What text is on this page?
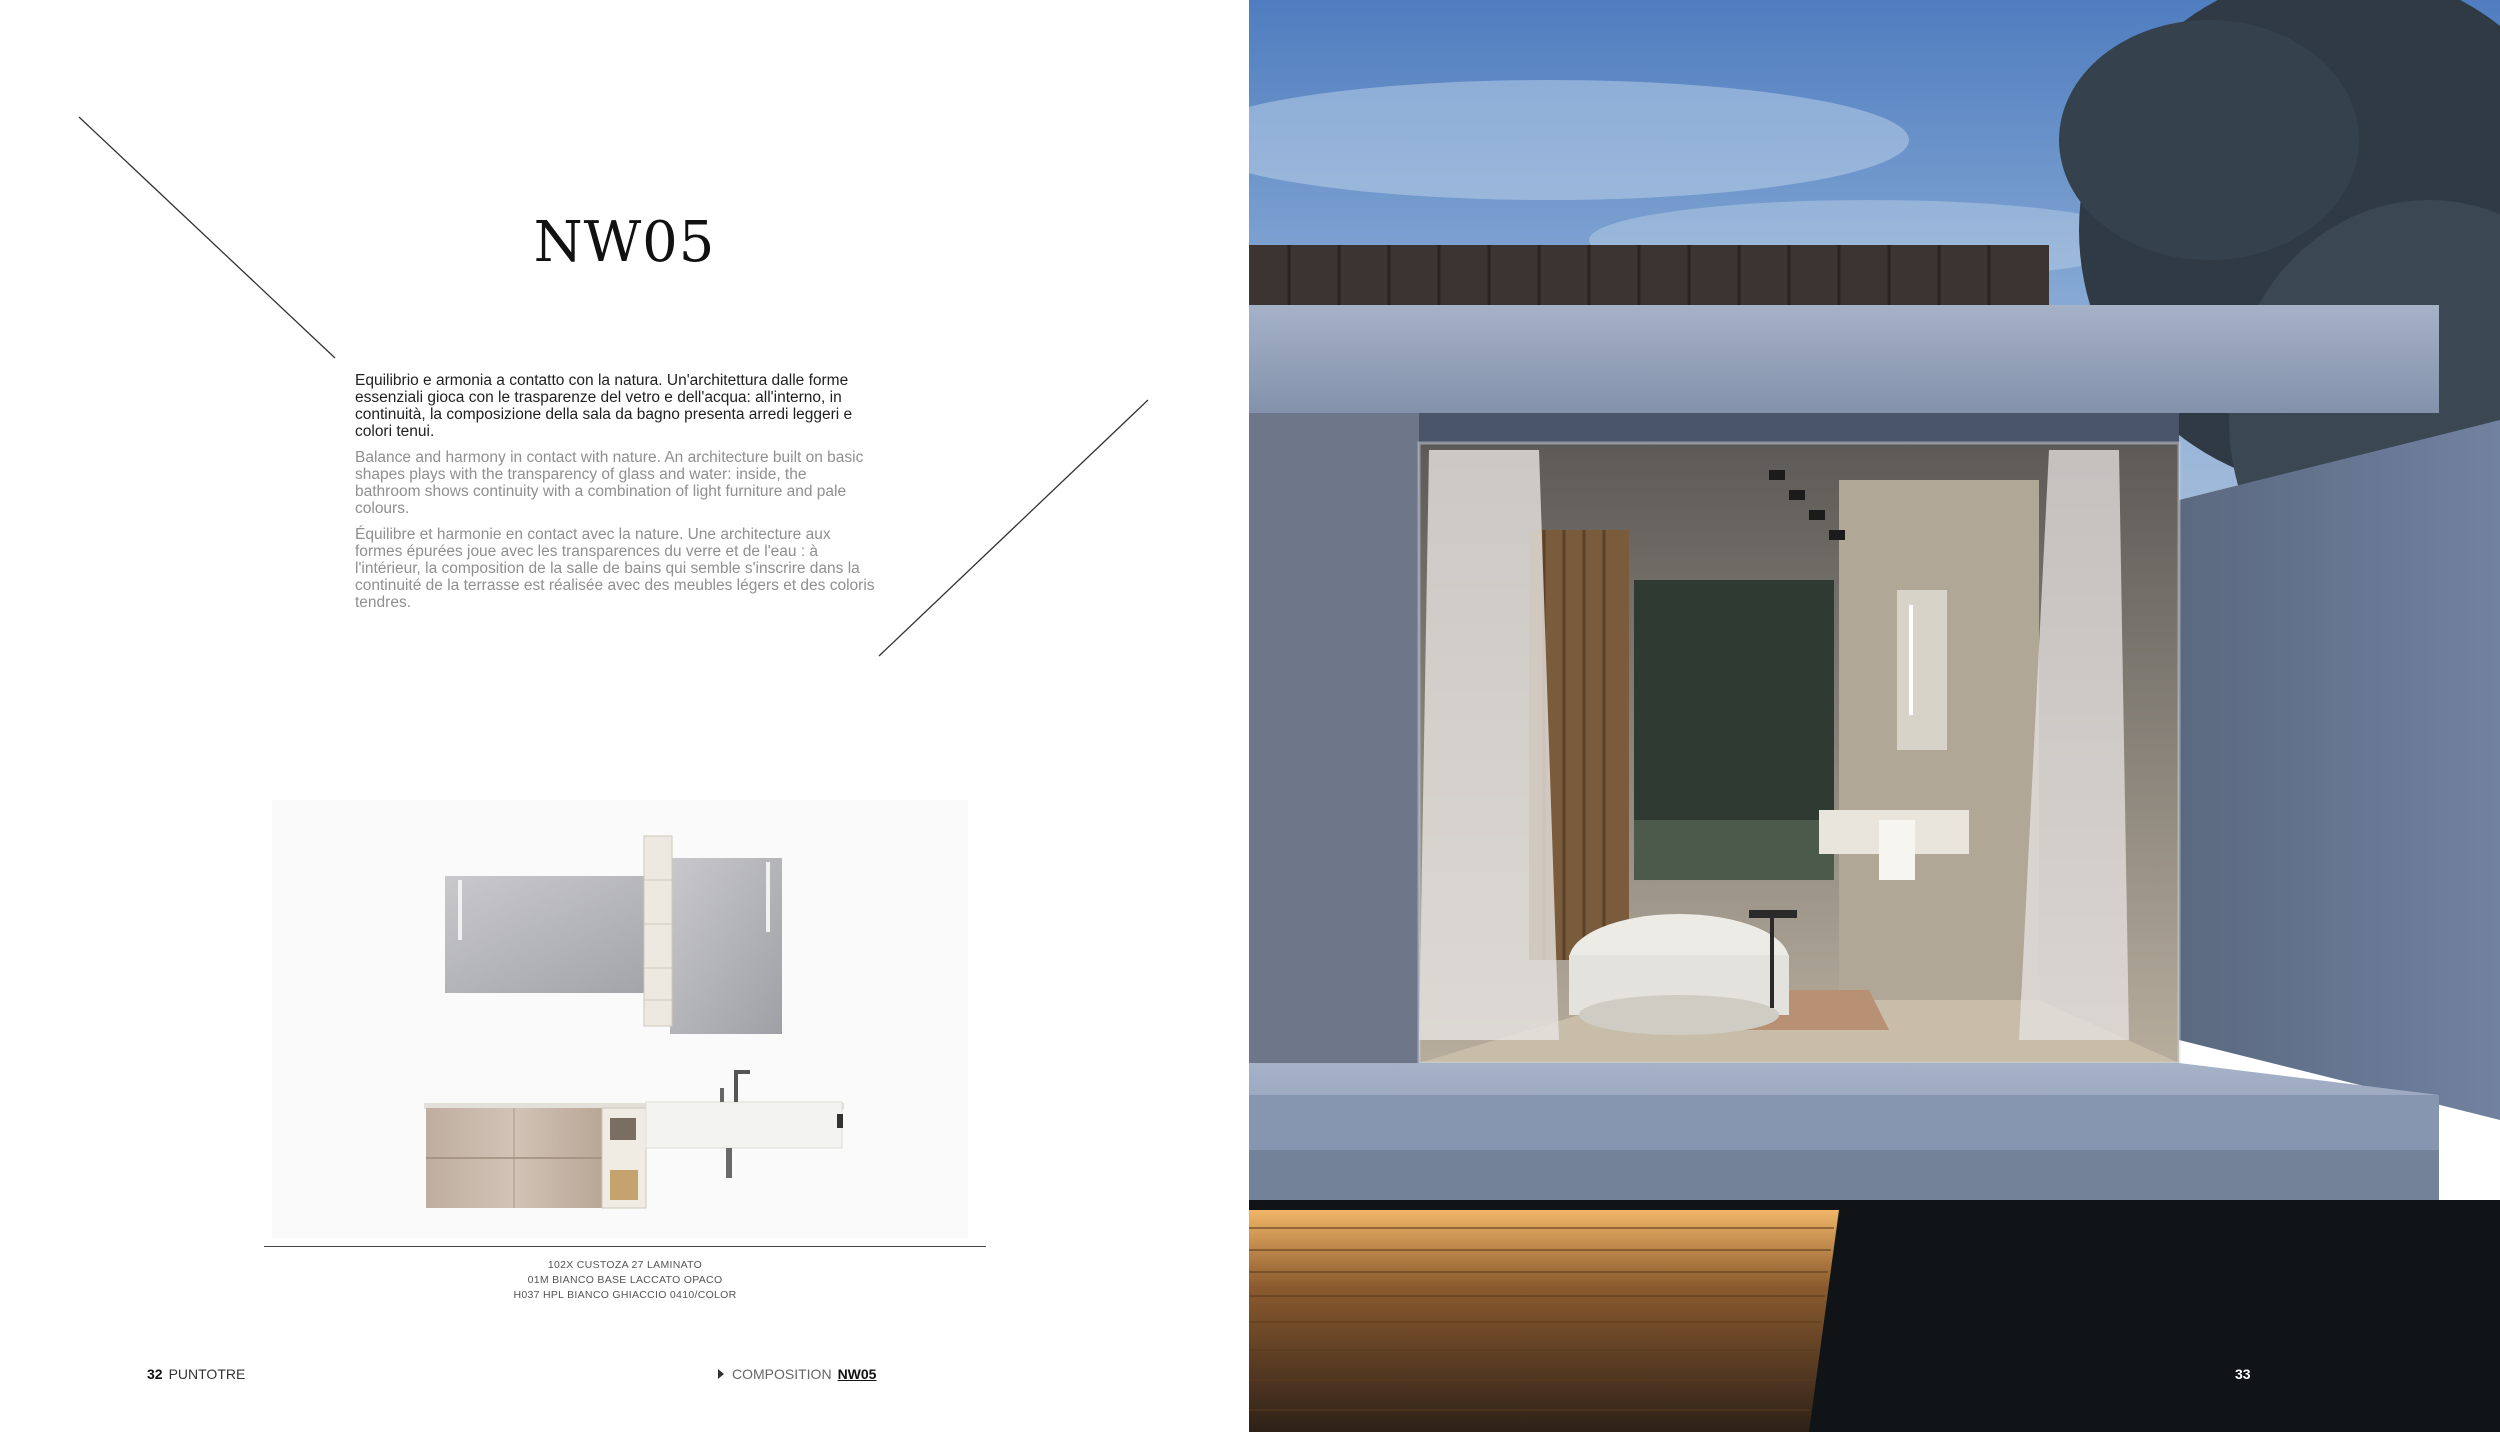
NW05

Equilibrio e armonia a contatto con la natura. Un'architettura dalle forme essenziali gioca con le trasparenze del vetro e dell'acqua: all'interno, in continuità, la composizione della sala da bagno presenta arredi leggeri e colori tenui.

Balance and harmony in contact with nature. An architecture built on basic shapes plays with the transparency of glass and water: inside, the bathroom shows continuity with a combination of light furniture and pale colours.

Équilibre et harmonie en contact avec la nature. Une architecture aux formes épurées joue avec les transparences du verre et de l'eau : à l'intérieur, la composition de la salle de bains qui semble s'inscrire dans la continuité de la terrasse est réalisée avec des meubles légers et des coloris tendres.

102X CUSTOZA 27 LAMINATO
01M BIANCO BASE LACCATO OPACO
H037 HPL BIANCO GHIACCIO 0410/COLOR
32 PUNTOTRE	COMPOSITION NW05	33
